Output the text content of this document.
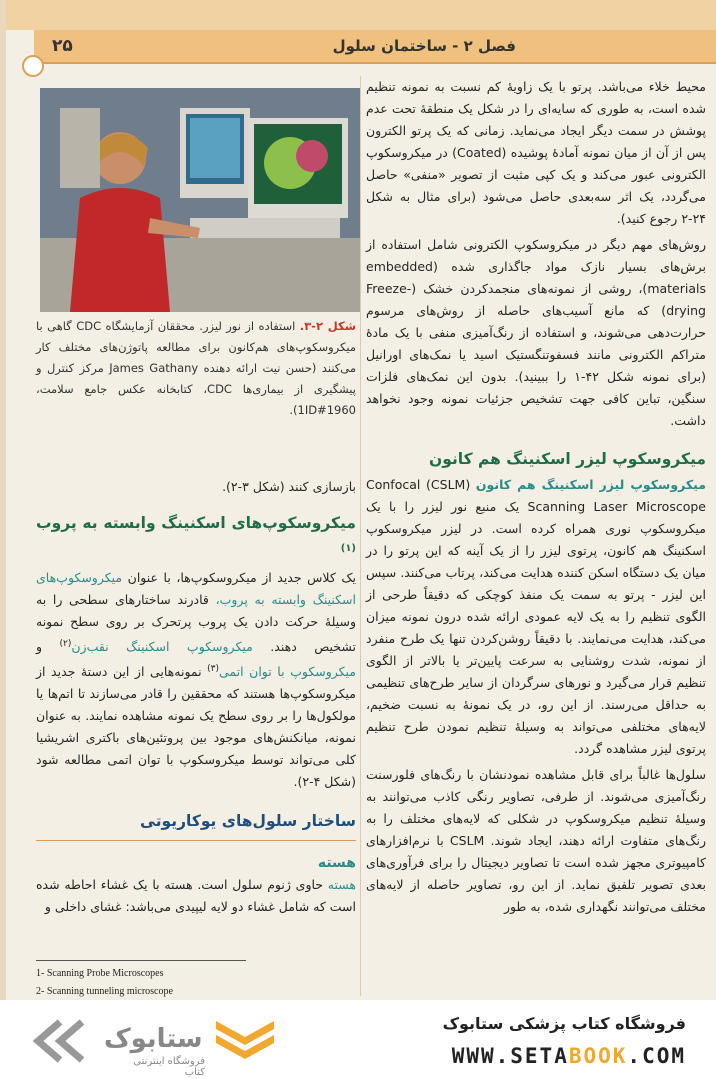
۲۵	فصل ۲ - ساختمان سلول
شکل ۲-۳. استفاده از نور لیزر. محققان آزمایشگاه CDC گاهی با میکروسکوپ‌های هم‌کانون برای مطالعه پاتوژن‌های مختلف کار می‌کنند (حسن نیت ارائه دهنده James Gathany مرکز کنترل و پیشگیری از بیماری‌ها CDC، کتابخانه عکس جامع سلامت، 1ID#1960).

محیط خلاء می‌باشد. پرتو با یک زاویهٔ کم نسبت به نمونه تنظیم شده است، به طوری که سایه‌ای را در شکل یک منطقهٔ تحت عدم پوشش در سمت دیگر ایجاد می‌نماید. زمانی که یک پرتو الکترون پس از آن از میان نمونه آمادهٔ پوشیده (Coated) در میکروسکوپ الکترونی عبور می‌کند و یک کپی مثبت از تصویر «منفی» حاصل می‌گردد، یک اثر سه‌بعدی حاصل می‌شود (برای مثال به شکل ۲۴-۲ رجوع کنید).

روش‌های مهم دیگر در میکروسکوپ الکترونی شامل استفاده از برش‌های بسیار نازک مواد جاگذاری شده (embedded materials)، روشی از نمونه‌های منجمدکردن خشک (Freeze-drying) که مانع آسیب‌های حاصله از روش‌های مرسوم حرارت‌دهی می‌شوند، و استفاده از رنگ‌آمیزی منفی با یک مادهٔ متراکم الکترونی مانند فسفوتنگستیک اسید یا نمک‌های اورانیل (برای نمونه شکل ۴۲-۱ را ببینید). بدون این نمک‌های فلزات سنگین، تباین کافی جهت تشخیص جزئیات نمونه وجود نخواهد داشت.

میکروسکوپ لیزر اسکنینگ هم کانون

میکروسکوپ لیزر اسکنینگ هم کانون (CSLM) Confocal Scanning Laser Microscope یک منبع نور لیزر را با یک میکروسکوپ نوری همراه کرده است. در لیزر میکروسکوپ اسکنینگ هم کانون، پرتوی لیزر را از یک آینه که این پرتو را در میان یک دستگاه اسکن کننده هدایت می‌کند، پرتاب می‌کنند. سپس این لیزر - پرتو به سمت یک منفذ کوچکی که دقیقاً طرحی از الگوی تنظیم را به یک لایه عمودی ارائه شده درون نمونه میزان می‌کند، هدایت می‌نمایند. با دقیقاً روشن‌کردن تنها یک طرح منفرد از نمونه، شدت روشنایی به سرعت پایین‌تر یا بالاتر از الگوی تنظیم قرار می‌گیرد و نورهای سرگردان از سایر طرح‌های تنظیمی به حداقل می‌رسند. از این رو، در یک نمونهٔ به نسبت ضخیم، لایه‌های مختلفی می‌تواند به وسیلهٔ تنظیم نمودن طرح تنظیم پرتوی لیزر مشاهده گردد.

سلول‌ها غالباً برای قابل مشاهده نمودنشان با رنگ‌های فلورسنت رنگ‌آمیزی می‌شوند. از طرفی، تصاویر رنگی کاذب می‌توانند به وسیلهٔ تنظیم میکروسکوپ در شکلی که لایه‌های مختلف را به رنگ‌های متفاوت ارائه دهند، ایجاد شوند. CSLM با نرم‌افزارهای کامپیوتری مجهز شده است تا تصاویر دیجیتال را برای فرآوری‌های بعدی تصویر تلفیق نماید. از این رو، تصاویر حاصله از لایه‌های مختلف می‌توانند نگهداری شده، به طور

بازسازی کنند (شکل ۳-۲).

میکروسکوپ‌های اسکنینگ وابسته به پروب $^{(۱)}$

یک کلاس جدید از میکروسکوپ‌ها، با عنوان میکروسکوپ‌های اسکنینگ وابسته به پروب، قادرند ساختارهای سطحی را به وسیلهٔ حرکت دادن یک پروب پرتحرک بر روی سطح نمونه تشخیص دهند. میکروسکوپ اسکنینگ نقب‌زن$^{(۲)}$ و میکروسکوپ با توان اتمی$^{(۳)}$ نمونه‌هایی از این دستهٔ جدید از میکروسکوپ‌ها هستند که محققین را قادر می‌سازند تا اتم‌ها یا مولکول‌ها را بر روی سطح یک نمونه مشاهده نمایند. به عنوان نمونه، میانکنش‌های موجود بین پروتئین‌های باکتری اشریشیا کلی می‌تواند توسط میکروسکوپ با توان اتمی مطالعه شود (شکل ۴-۲).

ساختار سلول‌های یوکاریوتی
هسته

هسته حاوی ژنوم سلول است. هسته با یک غشاء احاطه شده است که شامل غشاء دو لایه لیپیدی می‌باشد: غشای داخلی و

1- Scanning Probe Microscopes
2- Scanning tunneling microscope
ستابوک
فروشگاه اینترنتی کتاب
فروشگاه کتاب پزشکی ستابوک
WWW.SETABOOK.COM
